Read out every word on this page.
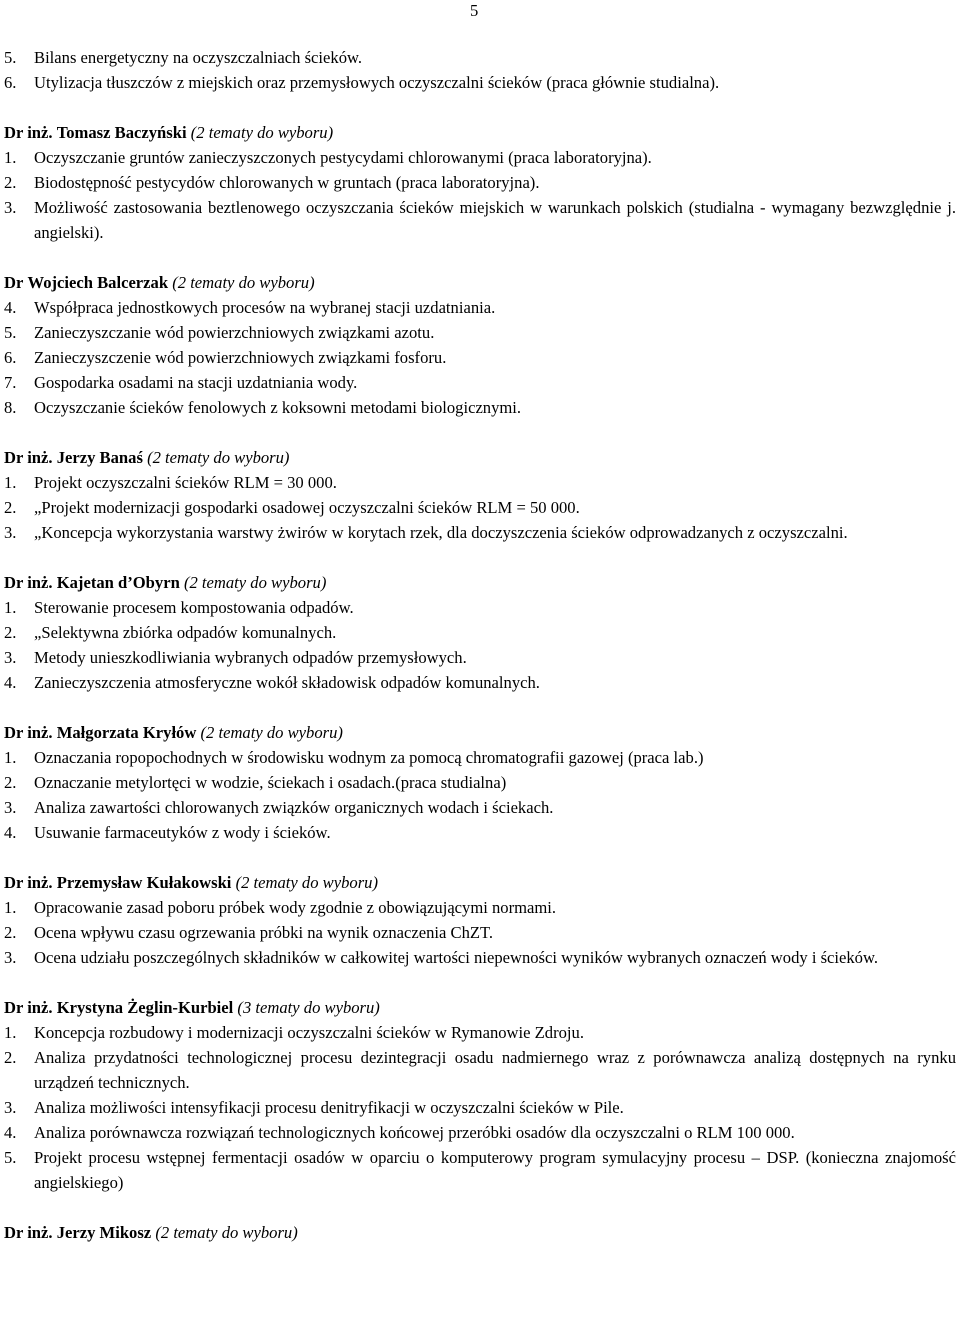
5
5. Bilans energetyczny na oczyszczalniach ścieków.
6. Utylizacja tłuszczów z miejskich oraz przemysłowych oczyszczalni ścieków (praca głównie studialna).
Dr inż. Tomasz Baczyński (2 tematy do wyboru)
1. Oczyszczanie gruntów zanieczyszczonych pestycydami chlorowanymi (praca laboratoryjna).
2. Biodostępność pestycydów chlorowanych w gruntach (praca laboratoryjna).
3. Możliwość zastosowania beztlenowego oczyszczania ścieków miejskich w warunkach polskich (studialna - wymagany bezwzględnie j. angielski).
Dr Wojciech Balcerzak (2 tematy do wyboru)
4. Współpraca jednostkowych procesów na wybranej stacji uzdatniania.
5. Zanieczyszczanie wód powierzchniowych związkami azotu.
6. Zanieczyszczenie wód powierzchniowych związkami fosforu.
7. Gospodarka osadami na stacji uzdatniania wody.
8. Oczyszczanie ścieków fenolowych z koksowni metodami biologicznymi.
Dr inż. Jerzy Banaś (2 tematy do wyboru)
1. Projekt oczyszczalni ścieków RLM = 30 000.
2. „Projekt modernizacji gospodarki osadowej oczyszczalni ścieków RLM = 50 000.
3. „Koncepcja wykorzystania warstwy żwirów w korytach rzek, dla doczyszczenia ścieków odprowadzanych z oczyszczalni.
Dr inż. Kajetan d’Obyrn (2 tematy do wyboru)
1. Sterowanie procesem kompostowania odpadów.
2. „Selektywna zbiórka odpadów komunalnych.
3. Metody unieszkodliwiania wybranych odpadów przemysłowych.
4. Zanieczyszczenia atmosferyczne wokół składowisk odpadów komunalnych.
Dr inż. Małgorzata Kryłów (2 tematy do wyboru)
1. Oznaczania ropopochodnych w środowisku wodnym za pomocą chromatografii gazowej (praca lab.)
2. Oznaczanie metylortęci w wodzie, ściekach i osadach.(praca studialna)
3. Analiza zawartości chlorowanych związków organicznych wodach i ściekach.
4. Usuwanie farmaceutyków z wody i ścieków.
Dr inż. Przemysław Kułakowski (2 tematy do wyboru)
1. Opracowanie zasad poboru próbek wody zgodnie z obowiązującymi normami.
2. Ocena wpływu czasu ogrzewania próbki na wynik oznaczenia ChZT.
3. Ocena udziału poszczególnych składników w całkowitej wartości niepewności wyników wybranych oznaczeń wody i ścieków.
Dr inż. Krystyna Żeglin-Kurbiel (3 tematy do wyboru)
1. Koncepcja rozbudowy i modernizacji oczyszczalni ścieków w Rymanowie Zdroju.
2. Analiza przydatności technologicznej procesu dezintegracji osadu nadmiernego wraz z porównawcza analizą dostępnych na rynku urządzeń technicznych.
3. Analiza możliwości intensyfikacji procesu denitryfikacji w oczyszczalni ścieków w Pile.
4. Analiza porównawcza rozwiązań technologicznych końcowej przeróbki osadów dla oczyszczalni o RLM 100 000.
5. Projekt procesu wstępnej fermentacji osadów w oparciu o komputerowy program symulacyjny procesu – DSP. (konieczna znajomość angielskiego)
Dr inż. Jerzy Mikosz (2 tematy do wyboru)
